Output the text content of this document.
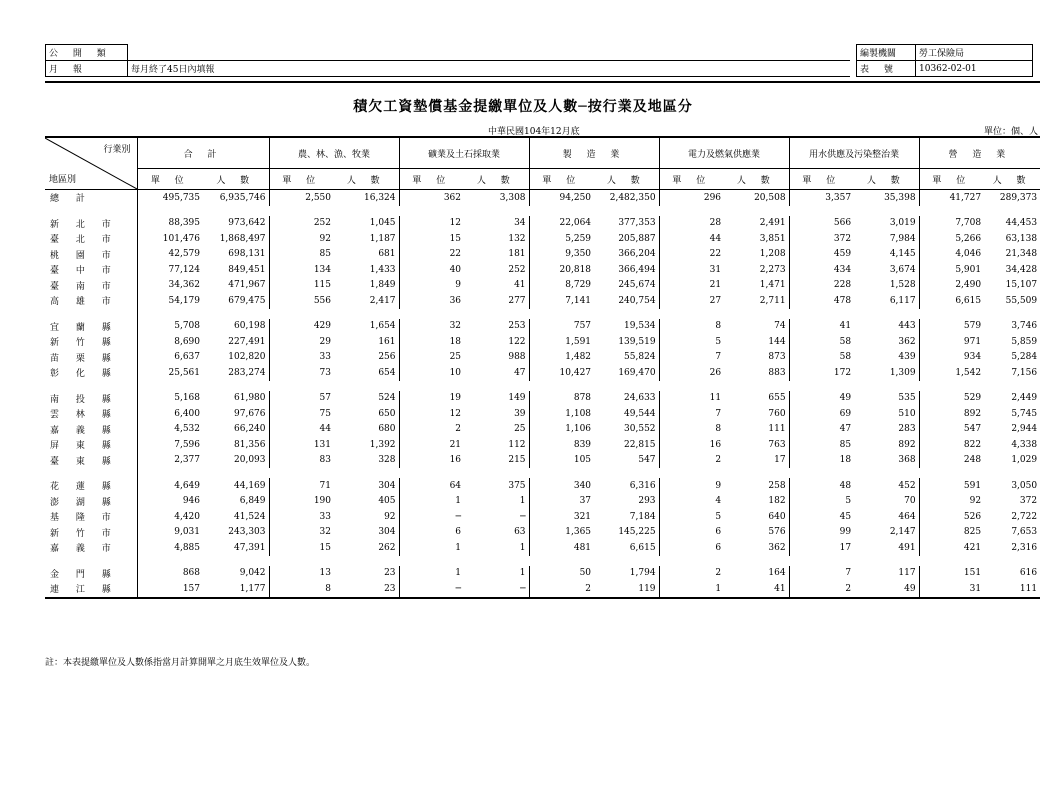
公 開 類	
月 報	每月終了45日內填報
編製機關	勞工保險局
表 號	10362-02-01
積欠工資墊償基金提繳單位及人數─按行業及地區分
中華民國104年12月底	單位：個、人
行業別
地區別	合 計		農、林、漁、牧業		礦業及土石採取業		製 造 業		電力及燃氣供應業		用水供應及污染整治業		營 造 業	
	單 位	人 數	單 位	人 數	單 位	人 數	單 位	人 數	單 位	人 數	單 位	人 數	單 位	人 數
總 計	495,735	6,935,746	2,550	16,324	362	3,308	94,250	2,482,350	296	20,508	3,357	35,398	41,727	289,373

新 北 市	88,395	973,642	252	1,045	12	34	22,064	377,353	28	2,491	566	3,019	7,708	44,453
臺 北 市	101,476	1,868,497	92	1,187	15	132	5,259	205,887	44	3,851	372	7,984	5,266	63,138
桃 園 市	42,579	698,131	85	681	22	181	9,350	366,204	22	1,208	459	4,145	4,046	21,348
臺 中 市	77,124	849,451	134	1,433	40	252	20,818	366,494	31	2,273	434	3,674	5,901	34,428
臺 南 市	34,362	471,967	115	1,849	9	41	8,729	245,674	21	1,471	228	1,528	2,490	15,107
高 雄 市	54,179	679,475	556	2,417	36	277	7,141	240,754	27	2,711	478	6,117	6,615	55,509

宜 蘭 縣	5,708	60,198	429	1,654	32	253	757	19,534	8	74	41	443	579	3,746
新 竹 縣	8,690	227,491	29	161	18	122	1,591	139,519	5	144	58	362	971	5,859
苗 栗 縣	6,637	102,820	33	256	25	988	1,482	55,824	7	873	58	439	934	5,284
彰 化 縣	25,561	283,274	73	654	10	47	10,427	169,470	26	883	172	1,309	1,542	7,156

南 投 縣	5,168	61,980	57	524	19	149	878	24,633	11	655	49	535	529	2,449
雲 林 縣	6,400	97,676	75	650	12	39	1,108	49,544	7	760	69	510	892	5,745
嘉 義 縣	4,532	66,240	44	680	2	25	1,106	30,552	8	111	47	283	547	2,944
屏 東 縣	7,596	81,356	131	1,392	21	112	839	22,815	16	763	85	892	822	4,338
臺 東 縣	2,377	20,093	83	328	16	215	105	547	2	17	18	368	248	1,029

花 蓮 縣	4,649	44,169	71	304	64	375	340	6,316	9	258	48	452	591	3,050
澎 湖 縣	946	6,849	190	405	1	1	37	293	4	182	5	70	92	372
基 隆 市	4,420	41,524	33	92	─	─	321	7,184	5	640	45	464	526	2,722
新 竹 市	9,031	243,303	32	304	6	63	1,365	145,225	6	576	99	2,147	825	7,653
嘉 義 市	4,885	47,391	15	262	1	1	481	6,615	6	362	17	491	421	2,316

金 門 縣	868	9,042	13	23	1	1	50	1,794	2	164	7	117	151	616
連 江 縣	157	1,177	8	23	─	─	2	119	1	41	2	49	31	111
註：本表提繳單位及人數係指當月計算開單之月底生效單位及人數。
